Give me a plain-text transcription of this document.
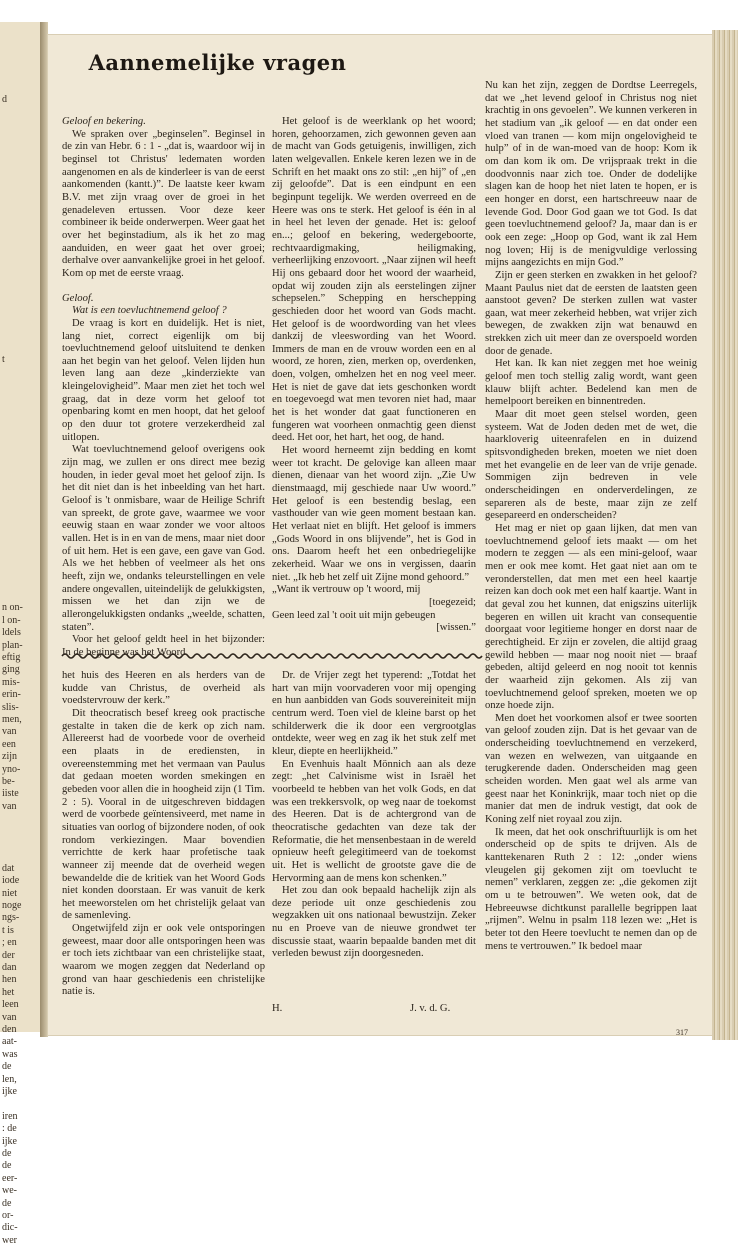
d
t
n on-
l on-
ldels
plan-
eftig
ging
mis-
erin-
slis-
men,
van
een
zijn
yno-
be-
iiste
van
dat
iode
niet
noge
ngs-
t is
; en
der
dan
hen
het
leen
van
den
aat-
was
de
len,
ijke
iren
: de
ijke
de
de
eer-
we-
de
or-
dic-
wer
Aannemelijke vragen

Geloof en bekering.

We spraken over „beginselen”. Beginsel in de zin van Hebr. 6 : 1 - „dat is, waardoor wij in beginsel tot Christus' ledematen worden aangenomen en als de kinderleer is van de eerst aankomenden (kantt.)”. De laatste keer kwam B.V. met zijn vraag over de groei in het genadeleven ertussen. Voor deze keer combineer ik beide onderwerpen. Weer gaat het over het beginstadium, als ik het zo mag aanduiden, en weer gaat het over groei; derhalve over aanvankelijke groei in het geloof. Kom op met de eerste vraag.

Geloof.

Wat is een toevluchtnemend geloof ?

De vraag is kort en duidelijk. Het is niet, lang niet, correct eigenlijk om bij toevluchtnemend geloof uitsluitend te denken aan het begin van het geloof. Velen lijden hun leven lang aan deze „kinderziekte van kleingelovigheid”. Maar men ziet het toch wel graag, dat in deze vorm het geloof tot openbaring komt en men hoopt, dat het geloof op den duur tot grotere verzekerdheid zal uitlopen.

Wat toevluchtnemend geloof overigens ook zijn mag, we zullen er ons direct mee bezig houden, in ieder geval moet het geloof zijn. Is het dit niet dan is het inbeelding van het hart. Geloof is 't onmisbare, waar de Heilige Schrift van spreekt, de grote gave, waarmee we voor eeuwig staan en waar zonder we voor altoos vallen. Het is in en van de mens, maar niet door of uit hem. Het is een gave, een gave van God. Als we het hebben of veelmeer als het ons heeft, zijn we, ondanks teleurstellingen en vele andere ongevallen, uiteindelijk de gelukkigsten, missen we het dan zijn we de allerongelukkigsten ondanks „weelde, schatten, staten”.

Voor het geloof geldt heel in het bijzonder: In de beginne was het Woord.

Het geloof is de weerklank op het woord; horen, gehoorzamen, zich gewonnen geven aan de macht van Gods getuigenis, inwilligen, zich laten welgevallen. Enkele keren lezen we in de Schrift en het maakt ons zo stil: „en hij” of „en zij geloofde”. Dat is een eindpunt en een beginpunt tegelijk. We werden overreed en de Heere was ons te sterk. Het geloof is één in al in heel het leven der genade. Het is: geloof en...; geloof en bekering, wedergeboorte, rechtvaardigmaking, heiligmaking, verheerlijking enzovoort. „Naar zijnen wil heeft Hij ons gebaard door het woord der waarheid, opdat wij zouden zijn als eerstelingen zijner schepselen.” Schepping en herschepping geschieden door het woord van Gods macht. Het geloof is de woordwording van het vlees dankzij de vleeswording van het Woord. Immers de man en de vrouw worden een en al woord, ze horen, zien, merken op, overdenken, doen, volgen, omhelzen het en nog veel meer. Het is niet de gave dat iets geschonken wordt en toegevoegd wat men tevoren niet had, maar het is het wonder dat gaat functioneren en fungeren wat voorheen onmachtig geen dienst deed. Het oor, het hart, het oog, de hand.

Het woord herneemt zijn bedding en komt weer tot kracht. De gelovige kan alleen maar dienen, dienaar van het woord zijn. „Zie Uw dienstmaagd, mij geschiede naar Uw woord.” Het geloof is een bestendig beslag, een vasthouder van wie geen moment bestaan kan. Het verlaat niet en blijft. Het geloof is immers „Gods Woord in ons blijvende”, het is God in ons. Daarom heeft het een onbedriegelijke zekerheid. Waar we ons in vergissen, daarin niet. „Ik heb het zelf uit Zijne mond gehoord.”

„Want ik vertrouw op 't woord, mij
[toegezeid;
Geen leed zal 't ooit uit mijn gebeugen
[wissen.”

het huis des Heeren en als herders van de kudde van Christus, de overheid als voedstervrouw der kerk.”

Dit theocratisch besef kreeg ook practische gestalte in taken die de kerk op zich nam. Allereerst had de voorbede voor de overheid een plaats in de erediensten, in overeenstemming met het vermaan van Paulus dat gedaan moeten worden smekingen en gebeden voor allen die in hoogheid zijn (1 Tim. 2 : 5). Vooral in de uitgeschreven biddagen werd de voorbede geïntensiveerd, met name in situaties van oorlog of bijzondere noden, of ook rondom verkiezingen. Maar bovendien verrichtte de kerk haar profetische taak wanneer zij meende dat de overheid wegen bewandelde die de kritiek van het Woord Gods niet konden doorstaan. Er was vanuit de kerk het meeworstelen om het christelijk gelaat van de samenleving.

Ongetwijfeld zijn er ook vele ontsporingen geweest, maar door alle ontsporingen heen was er toch iets zichtbaar van een christelijke staat, waarom we mogen zeggen dat Nederland op grond van haar geschiedenis een christelijke natie is.

Dr. de Vrijer zegt het typerend: „Totdat het hart van mijn voorvaderen voor mij openging en hun aanbidden van Gods souvereiniteit mijn centrum werd. Toen viel de kleine barst op het schilderwerk die ik door een vergrootglas ontdekte, weer weg en zag ik het stuk zelf met kleur, diepte en heerlijkheid.”

En Evenhuis haalt Mönnich aan als deze zegt: „het Calvinisme wist in Israël het voorbeeld te hebben van het volk Gods, en dat was een trekkersvolk, op weg naar de toekomst des Heeren. Dat is de achtergrond van de theocratische gedachten van deze tak der Reformatie, die het mensenbestaan in de wereld opnieuw heeft gelegitimeerd van de toekomst uit. Het is wellicht de grootste gave die de Hervorming aan de mens kon schenken.”

Het zou dan ook bepaald hachelijk zijn als deze periode uit onze geschiedenis zou wegzakken uit ons nationaal bewustzijn. Zeker nu en Proeve van de nieuwe grondwet ter discussie staat, waarin bepaalde banden met dit verleden bewust zijn doorgesneden.

Nu kan het zijn, zeggen de Dordtse Leerregels, dat we „het levend geloof in Christus nog niet krachtig in ons gevoelen”. We kunnen verkeren in het stadium van „ik geloof — en dat onder een vloed van tranen — kom mijn ongelovigheid te hulp” of in de wan-moed van de hoop: Kom ik om dan kom ik om. De vrijspraak trekt in die doodvonnis naar zich toe. Onder de dodelijke slagen kan de hoop het niet laten te hopen, er is een honger en dorst, een hartschreeuw naar de levende God. Door God gaan we tot God. Is dat geen toevluchtnemend geloof? Ja, maar dan is er ook een zege: „Hoop op God, want ik zal Hem nog loven; Hij is de menigvuldige verlossing mijns aangezichts en mijn God.”

Zijn er geen sterken en zwakken in het geloof? Maant Paulus niet dat de eersten de laatsten geen aanstoot geven? De sterken zullen wat vaster gaan, wat meer zekerheid hebben, wat vrijer zich bewegen, de zwakken zijn wat benauwd en strekken zich uit meer dan ze overspoeld worden door de genade.

Het kan. Ik kan niet zeggen met hoe weinig geloof men toch stellig zalig wordt, want geen klauw blijft achter. Bedelend kan men de hemelpoort bereiken en binnentreden.

Maar dit moet geen stelsel worden, geen systeem. Wat de Joden deden met de wet, die haarkloverig uiteenrafelen en in duizend spitsvondigheden breken, moeten we niet doen met het evangelie en de leer van de vrije genade. Sommigen zijn bedreven in vele onderscheidingen en onderverdelingen, ze separeren als de beste, maar zijn ze zelf gesepareerd en onderscheiden?

Het mag er niet op gaan lijken, dat men van toevluchtnemend geloof iets maakt — om het modern te zeggen — als een mini-geloof, waar men er ook mee komt. Het gaat niet aan om te veronderstellen, dat men met een heel kaartje reizen kan doch ook met een half kaartje. Want in dat geval zou het kunnen, dat enigszins uiterlijk begeren en willen uit kracht van consequentie doorgaat voor legitieme honger en dorst naar de gerechtigheid. Er zijn er zovelen, die altijd graag gewild hebben — maar nog nooit niet — braaf gebeden, altijd geleerd en nog nooit tot kennis der waarheid zijn gekomen. Als zij van toevluchtnemend geloof spreken, moeten we op onze hoede zijn.

Men doet het voorkomen alsof er twee soorten van geloof zouden zijn. Dat is het gevaar van de onderscheiding toevluchtnemend en verzekerd, van wezen en welwezen, van uitgaande en terugkerende daden. Onderscheiden mag geen scheiden worden. Men gaat wel als arme van geest naar het Koninkrijk, maar toch niet op die manier dat men de indruk vestigt, dat ook de Koning zelf niet royaal zou zijn.

Ik meen, dat het ook onschriftuurlijk is om het onderscheid op de spits te drijven. Als de kanttekenaren Ruth 2 : 12: „onder wiens vleugelen gij gekomen zijt om toevlucht te nemen” verklaren, zeggen ze: „die gekomen zijt om u te betrouwen”. We weten ook, dat de Hebreeuwse dichtkunst parallelle begrippen laat „rijmen”. Welnu in psalm 118 lezen we: „Het is beter tot den Heere toevlucht te nemen dan op de mens te vertrouwen.” Ik bedoel maar

H.	J. v. d. G.
317
